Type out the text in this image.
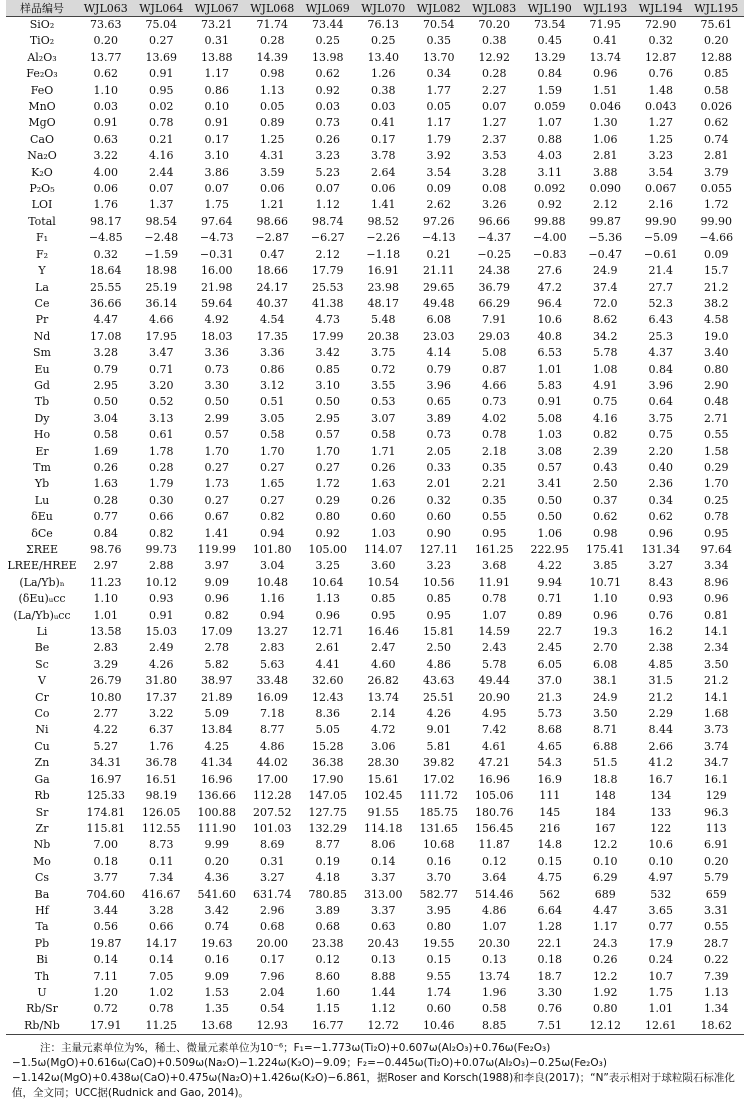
样品编号	WJL063	WJL064	WJL067	WJL068	WJL069	WJL070	WJL082	WJL083	WJL190	WJL193	WJL194	WJL195
SiO₂	73.63	75.04	73.21	71.74	73.44	76.13	70.54	70.20	73.54	71.95	72.90	75.61
TiO₂	0.20	0.27	0.31	0.28	0.25	0.25	0.35	0.38	0.45	0.41	0.32	0.20
Al₂O₃	13.77	13.69	13.88	14.39	13.98	13.40	13.70	12.92	13.29	13.74	12.87	12.88
Fe₂O₃	0.62	0.91	1.17	0.98	0.62	1.26	0.34	0.28	0.84	0.96	0.76	0.85
FeO	1.10	0.95	0.86	1.13	0.92	0.38	1.77	2.27	1.59	1.51	1.48	0.58
MnO	0.03	0.02	0.10	0.05	0.03	0.03	0.05	0.07	0.059	0.046	0.043	0.026
MgO	0.91	0.78	0.91	0.89	0.73	0.41	1.17	1.27	1.07	1.30	1.27	0.62
CaO	0.63	0.21	0.17	1.25	0.26	0.17	1.79	2.37	0.88	1.06	1.25	0.74
Na₂O	3.22	4.16	3.10	4.31	3.23	3.78	3.92	3.53	4.03	2.81	3.23	2.81
K₂O	4.00	2.44	3.86	3.59	5.23	2.64	3.54	3.28	3.11	3.88	3.54	3.79
P₂O₅	0.06	0.07	0.07	0.06	0.07	0.06	0.09	0.08	0.092	0.090	0.067	0.055
LOI	1.76	1.37	1.75	1.21	1.12	1.41	2.62	3.26	0.92	2.12	2.16	1.72
Total	98.17	98.54	97.64	98.66	98.74	98.52	97.26	96.66	99.88	99.87	99.90	99.90
F₁	−4.85	−2.48	−4.73	−2.87	−6.27	−2.26	−4.13	−4.37	−4.00	−5.36	−5.09	−4.66
F₂	0.32	−1.59	−0.31	0.47	2.12	−1.18	0.21	−0.25	−0.83	−0.47	−0.61	0.09
Y	18.64	18.98	16.00	18.66	17.79	16.91	21.11	24.38	27.6	24.9	21.4	15.7
La	25.55	25.19	21.98	24.17	25.53	23.98	29.65	36.79	47.2	37.4	27.7	21.2
Ce	36.66	36.14	59.64	40.37	41.38	48.17	49.48	66.29	96.4	72.0	52.3	38.2
Pr	4.47	4.66	4.92	4.54	4.73	5.48	6.08	7.91	10.6	8.62	6.43	4.58
Nd	17.08	17.95	18.03	17.35	17.99	20.38	23.03	29.03	40.8	34.2	25.3	19.0
Sm	3.28	3.47	3.36	3.36	3.42	3.75	4.14	5.08	6.53	5.78	4.37	3.40
Eu	0.79	0.71	0.73	0.86	0.85	0.72	0.79	0.87	1.01	1.08	0.84	0.80
Gd	2.95	3.20	3.30	3.12	3.10	3.55	3.96	4.66	5.83	4.91	3.96	2.90
Tb	0.50	0.52	0.50	0.51	0.50	0.53	0.65	0.73	0.91	0.75	0.64	0.48
Dy	3.04	3.13	2.99	3.05	2.95	3.07	3.89	4.02	5.08	4.16	3.75	2.71
Ho	0.58	0.61	0.57	0.58	0.57	0.58	0.73	0.78	1.03	0.82	0.75	0.55
Er	1.69	1.78	1.70	1.70	1.70	1.71	2.05	2.18	3.08	2.39	2.20	1.58
Tm	0.26	0.28	0.27	0.27	0.27	0.26	0.33	0.35	0.57	0.43	0.40	0.29
Yb	1.63	1.79	1.73	1.65	1.72	1.63	2.01	2.21	3.41	2.50	2.36	1.70
Lu	0.28	0.30	0.27	0.27	0.29	0.26	0.32	0.35	0.50	0.37	0.34	0.25
δEu	0.77	0.66	0.67	0.82	0.80	0.60	0.60	0.55	0.50	0.62	0.62	0.78
δCe	0.84	0.82	1.41	0.94	0.92	1.03	0.90	0.95	1.06	0.98	0.96	0.95
ΣREE	98.76	99.73	119.99	101.80	105.00	114.07	127.11	161.25	222.95	175.41	131.34	97.64
LREE/HREE	2.97	2.88	3.97	3.04	3.25	3.60	3.23	3.68	4.22	3.85	3.27	3.34
(La/Yb)ₙ	11.23	10.12	9.09	10.48	10.64	10.54	10.56	11.91	9.94	10.71	8.43	8.96
(δEu)ᵤcc	1.10	0.93	0.96	1.16	1.13	0.85	0.85	0.78	0.71	1.10	0.93	0.96
(La/Yb)ᵤcc	1.01	0.91	0.82	0.94	0.96	0.95	0.95	1.07	0.89	0.96	0.76	0.81
Li	13.58	15.03	17.09	13.27	12.71	16.46	15.81	14.59	22.7	19.3	16.2	14.1
Be	2.83	2.49	2.78	2.83	2.61	2.47	2.50	2.43	2.45	2.70	2.38	2.34
Sc	3.29	4.26	5.82	5.63	4.41	4.60	4.86	5.78	6.05	6.08	4.85	3.50
V	26.79	31.80	38.97	33.48	32.60	26.82	43.63	49.44	37.0	38.1	31.5	21.2
Cr	10.80	17.37	21.89	16.09	12.43	13.74	25.51	20.90	21.3	24.9	21.2	14.1
Co	2.77	3.22	5.09	7.18	8.36	2.14	4.26	4.95	5.73	3.50	2.29	1.68
Ni	4.22	6.37	13.84	8.77	5.05	4.72	9.01	7.42	8.68	8.71	8.44	3.73
Cu	5.27	1.76	4.25	4.86	15.28	3.06	5.81	4.61	4.65	6.88	2.66	3.74
Zn	34.31	36.78	41.34	44.02	36.38	28.30	39.82	47.21	54.3	51.5	41.2	34.7
Ga	16.97	16.51	16.96	17.00	17.90	15.61	17.02	16.96	16.9	18.8	16.7	16.1
Rb	125.33	98.19	136.66	112.28	147.05	102.45	111.72	105.06	111	148	134	129
Sr	174.81	126.05	100.88	207.52	127.75	91.55	185.75	180.76	145	184	133	96.3
Zr	115.81	112.55	111.90	101.03	132.29	114.18	131.65	156.45	216	167	122	113
Nb	7.00	8.73	9.99	8.69	8.77	8.06	10.68	11.87	14.8	12.2	10.6	6.91
Mo	0.18	0.11	0.20	0.31	0.19	0.14	0.16	0.12	0.15	0.10	0.10	0.20
Cs	3.77	7.34	4.36	3.27	4.18	3.37	3.70	3.64	4.75	6.29	4.97	5.79
Ba	704.60	416.67	541.60	631.74	780.85	313.00	582.77	514.46	562	689	532	659
Hf	3.44	3.28	3.42	2.96	3.89	3.37	3.95	4.86	6.64	4.47	3.65	3.31
Ta	0.56	0.66	0.74	0.68	0.68	0.63	0.80	1.07	1.28	1.17	0.77	0.55
Pb	19.87	14.17	19.63	20.00	23.38	20.43	19.55	20.30	22.1	24.3	17.9	28.7
Bi	0.14	0.14	0.16	0.17	0.12	0.13	0.15	0.13	0.18	0.26	0.24	0.22
Th	7.11	7.05	9.09	7.96	8.60	8.88	9.55	13.74	18.7	12.2	10.7	7.39
U	1.20	1.02	1.53	2.04	1.60	1.44	1.74	1.96	3.30	1.92	1.75	1.13
Rb/Sr	0.72	0.78	1.35	0.54	1.15	1.12	0.60	0.58	0.76	0.80	1.01	1.34
Rb/Nb	17.91	11.25	13.68	12.93	16.77	12.72	10.46	8.85	7.51	12.12	12.61	18.62
注：主量元素单位为%，稀土、微量元素单位为10⁻⁶；F₁=−1.773ω(Ti₂O)+0.607ω(Al₂O₃)+0.76ω(Fe₂O₃)−1.5ω(MgO)+0.616ω(CaO)+0.509ω(Na₂O)−1.224ω(K₂O)−9.09；F₂=−0.445ω(Ti₂O)+0.07ω(Al₂O₃)−0.25ω(Fe₂O₃)−1.142ω(MgO)+0.438ω(CaO)+0.475ω(Na₂O)+1.426ω(K₂O)−6.861，据Roser and Korsch(1988)和李良(2017)；“N”表示相对于球粒陨石标准化值，全文同；UCC据(Rudnick and Gao, 2014)。
